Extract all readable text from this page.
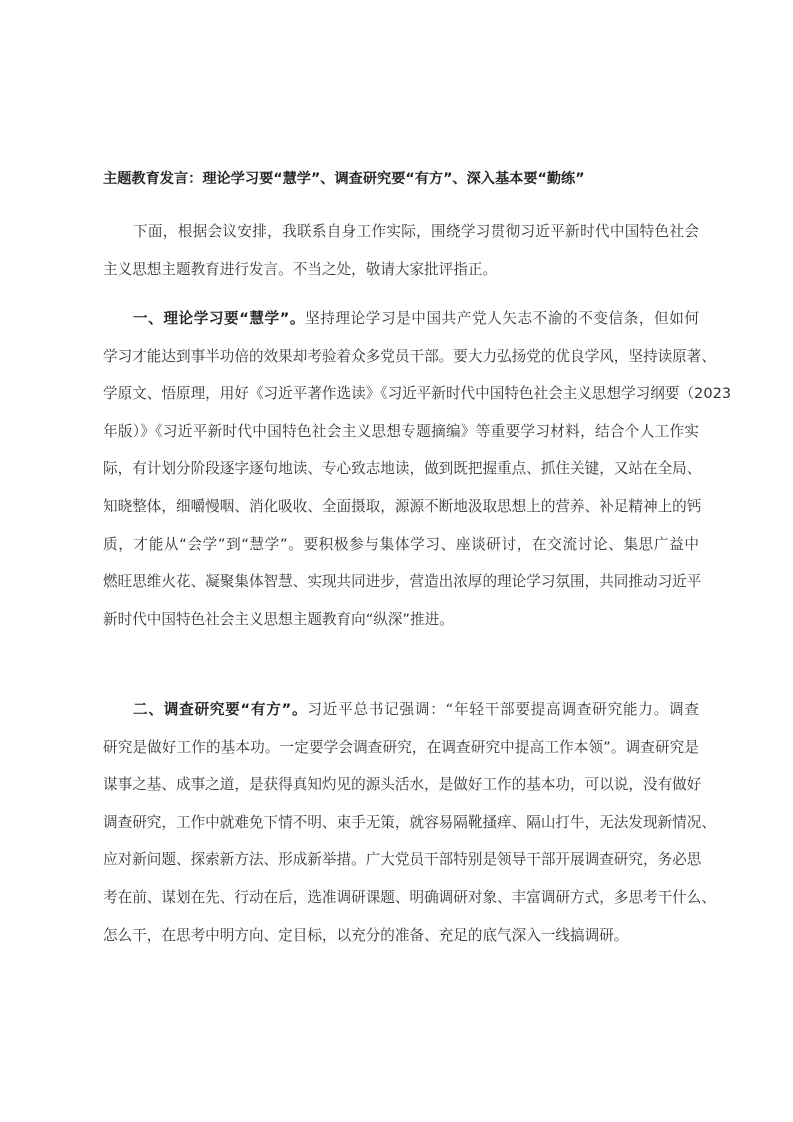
主题教育发言：理论学习要“慧学”、调查研究要“有方”、深入基本要“勤练”
下面，根据会议安排，我联系自身工作实际，围绕学习贯彻习近平新时代中国特色社会
主义思想主题教育进行发言。不当之处，敬请大家批评指正。
一、理论学习要“慧学”。坚持理论学习是中国共产党人矢志不渝的不变信条，但如何
学习才能达到事半功倍的效果却考验着众多党员干部。要大力弘扬党的优良学风，坚持读原著、
学原文、悟原理，用好《习近平著作选读》《习近平新时代中国特色社会主义思想学习纲要（2023
年版）》《习近平新时代中国特色社会主义思想专题摘编》等重要学习材料，结合个人工作实
际，有计划分阶段逐字逐句地读、专心致志地读，做到既把握重点、抓住关键，又站在全局、
知晓整体，细嚼慢咽、消化吸收、全面摄取，源源不断地汲取思想上的营养、补足精神上的钙
质，才能从“会学”到“慧学”。要积极参与集体学习、座谈研讨，在交流讨论、集思广益中
燃旺思维火花、凝聚集体智慧、实现共同进步，营造出浓厚的理论学习氛围，共同推动习近平
新时代中国特色社会主义思想主题教育向“纵深”推进。
二、调查研究要“有方”。习近平总书记强调：“年轻干部要提高调查研究能力。调查
研究是做好工作的基本功。一定要学会调查研究，在调查研究中提高工作本领”。调查研究是
谋事之基、成事之道，是获得真知灼见的源头活水，是做好工作的基本功，可以说，没有做好
调查研究，工作中就难免下情不明、束手无策，就容易隔靴搔痒、隔山打牛，无法发现新情况、
应对新问题、探索新方法、形成新举措。广大党员干部特别是领导干部开展调查研究，务必思
考在前、谋划在先、行动在后，选准调研课题、明确调研对象、丰富调研方式，多思考干什么、
怎么干，在思考中明方向、定目标，以充分的准备、充足的底气深入一线搞调研。
